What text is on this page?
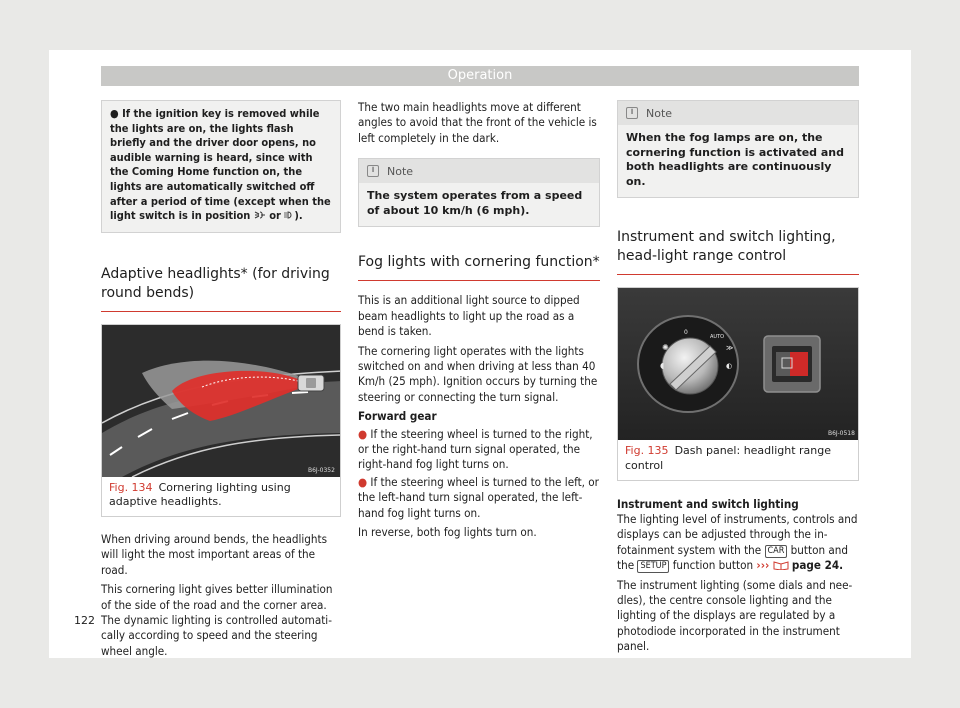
Operation
● If the ignition key is removed while the lights are on, the lights flash briefly and the driver door opens, no audible warning is heard, since with the Coming Home function on, the lights are automatically switched off after a period of time (except when the light switch is in position or ).
Adaptive headlights* (for driving round bends)
B6J-0352
Fig. 134 Cornering lighting using adaptive headlights.

When driving around bends, the headlights will light the most important areas of the road.

This cornering light gives better illumination of the side of the road and the corner area. The dynamic lighting is controlled automati-cally according to speed and the steering wheel angle.

The two main headlights move at different angles to avoid that the front of the vehicle is left completely in the dark.

i	Note
The system operates from a speed of about 10 km/h (6 mph).
Fog lights with cornering function*

This is an additional light source to dipped beam headlights to light up the road as a bend is taken.

The cornering light operates with the lights switched on and when driving at less than 40 Km/h (25 mph). Ignition occurs by turning the steering or connecting the turn signal.

Forward gear
● If the steering wheel is turned to the right, or the right-hand turn signal operated, the right-hand fog light turns on.
● If the steering wheel is turned to the left, or the left-hand turn signal operated, the left-hand fog light turns on.

In reverse, both fog lights turn on.

i	Note
When the fog lamps are on, the cornering function is activated and both headlights are continuously on.
Instrument and switch lighting, head-light range control
0
AUTO
✺
◖
≫
◐
B6J-0518
Fig. 135 Dash panel: headlight range control
Instrument and switch lighting

The lighting level of instruments, controls and displays can be adjusted through the in-fotainment system with the CAR button and the SETUP function button ››› page 24.

The instrument lighting (some dials and nee-dles), the centre console lighting and the lighting of the displays are regulated by a photodiode incorporated in the instrument panel.

122
